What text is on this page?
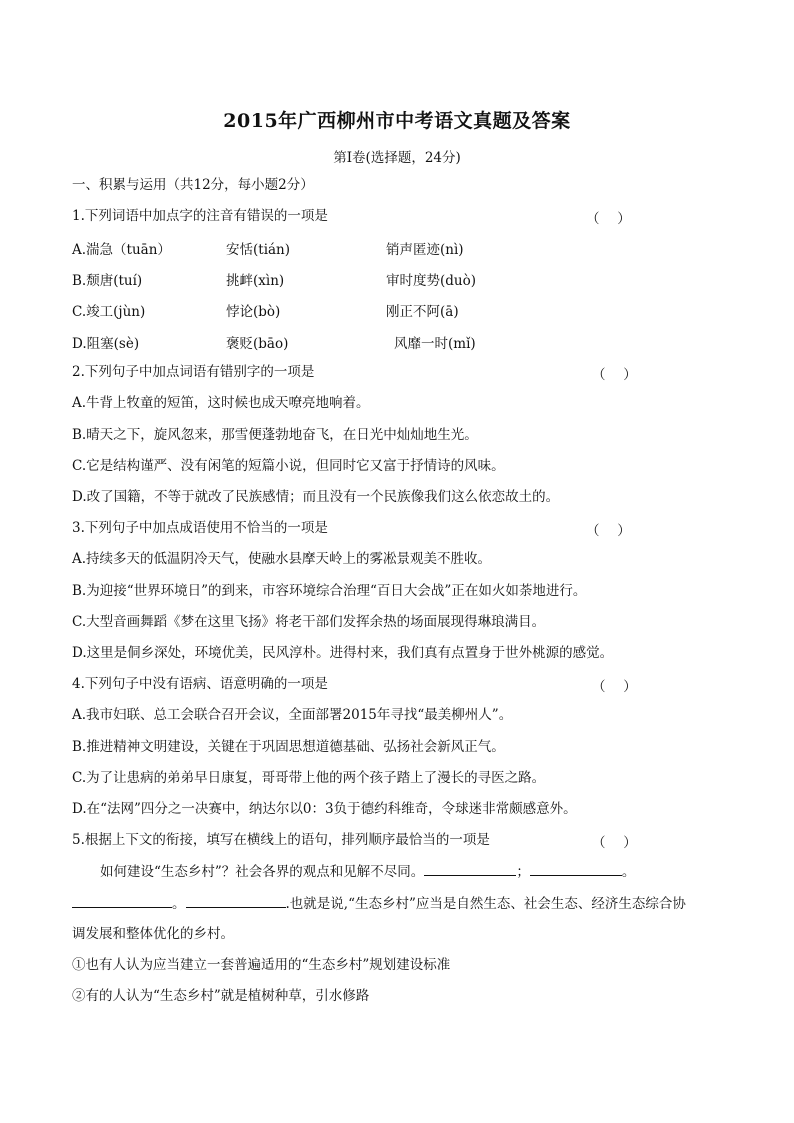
2015年广西柳州市中考语文真题及答案
第Ⅰ卷(选择题，24分)
一、积累与运用（共12分，每小题2分）
1.下列词语中加点字的注音有错误的一项是	（　 ）
A.湍急（tuān）	安恬(tián)	销声匿迹(nì)
B.颓唐(tuí)	挑衅(xìn)	审时度势(duò)
C.竣工(jùn)	悖论(bò)	刚正不阿(ā)
D.阻塞(sè)	褒贬(bāo)	风靡一时(mǐ)
2.下列句子中加点词语有错别字的一项是	（　 ）
A.牛背上牧童的短笛，这时候也成天嘹亮地响着。
B.晴天之下，旋风忽来，那雪便蓬勃地奋飞，在日光中灿灿地生光。
C.它是结构谨严、没有闲笔的短篇小说，但同时它又富于抒情诗的风味。
D.改了国籍，不等于就改了民族感情；而且没有一个民族像我们这么依恋故土的。
3.下列句子中加点成语使用不恰当的一项是	（　 ）
A.持续多天的低温阴冷天气，使融水县摩天岭上的雾凇景观美不胜收。
B.为迎接“世界环境日”的到来，市容环境综合治理“百日大会战”正在如火如荼地进行。
C.大型音画舞蹈《梦在这里飞扬》将老干部们发挥余热的场面展现得琳琅满目。
D.这里是侗乡深处，环境优美，民风淳朴。进得村来，我们真有点置身于世外桃源的感觉。
4.下列句子中没有语病、语意明确的一项是	（　 ）
A.我市妇联、总工会联合召开会议，全面部署2015年寻找“最美柳州人”。
B.推进精神文明建设，关键在于巩固思想道德基础、弘扬社会新风正气。
C.为了让患病的弟弟早日康复，哥哥带上他的两个孩子踏上了漫长的寻医之路。
D.在“法网”四分之一决赛中，纳达尔以0：3负于德约科维奇，令球迷非常颇感意外。
5.根据上下文的衔接，填写在横线上的语句，排列顺序最恰当的一项是	（　 ）
如何建设“生态乡村”？社会各界的观点和见解不尽同。	；	。
。	.也就是说,“生态乡村”应当是自然生态、社会生态、经济生态综合协
调发展和整体优化的乡村。
①也有人认为应当建立一套普遍适用的“生态乡村”规划建设标准
②有的人认为“生态乡村”就是植树种草，引水修路
